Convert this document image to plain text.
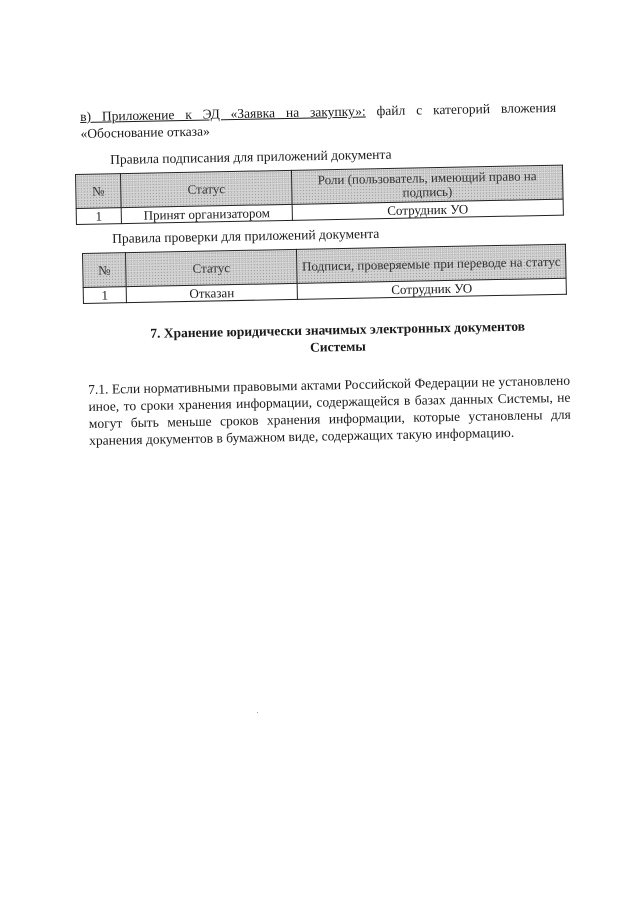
в) Приложение к ЭД «Заявка на закупку»: файл с категорий вложения «Обоснование отказа»
Правила подписания для приложений документа
№	Статус	Роли (пользователь, имеющий право на подпись)
1	Принят организатором	Сотрудник УО
Правила проверки для приложений документа
№	Статус	Подписи, проверяемые при переводе на статус
1	Отказан	Сотрудник УО
7. Хранение юридически значимых электронных документов Системы
7.1. Если нормативными правовыми актами Российской Федерации не установлено иное, то сроки хранения информации, содержащейся в базах данных Системы, не могут быть меньше сроков хранения информации, которые установлены для хранения документов в бумажном виде, содержащих такую информацию.
